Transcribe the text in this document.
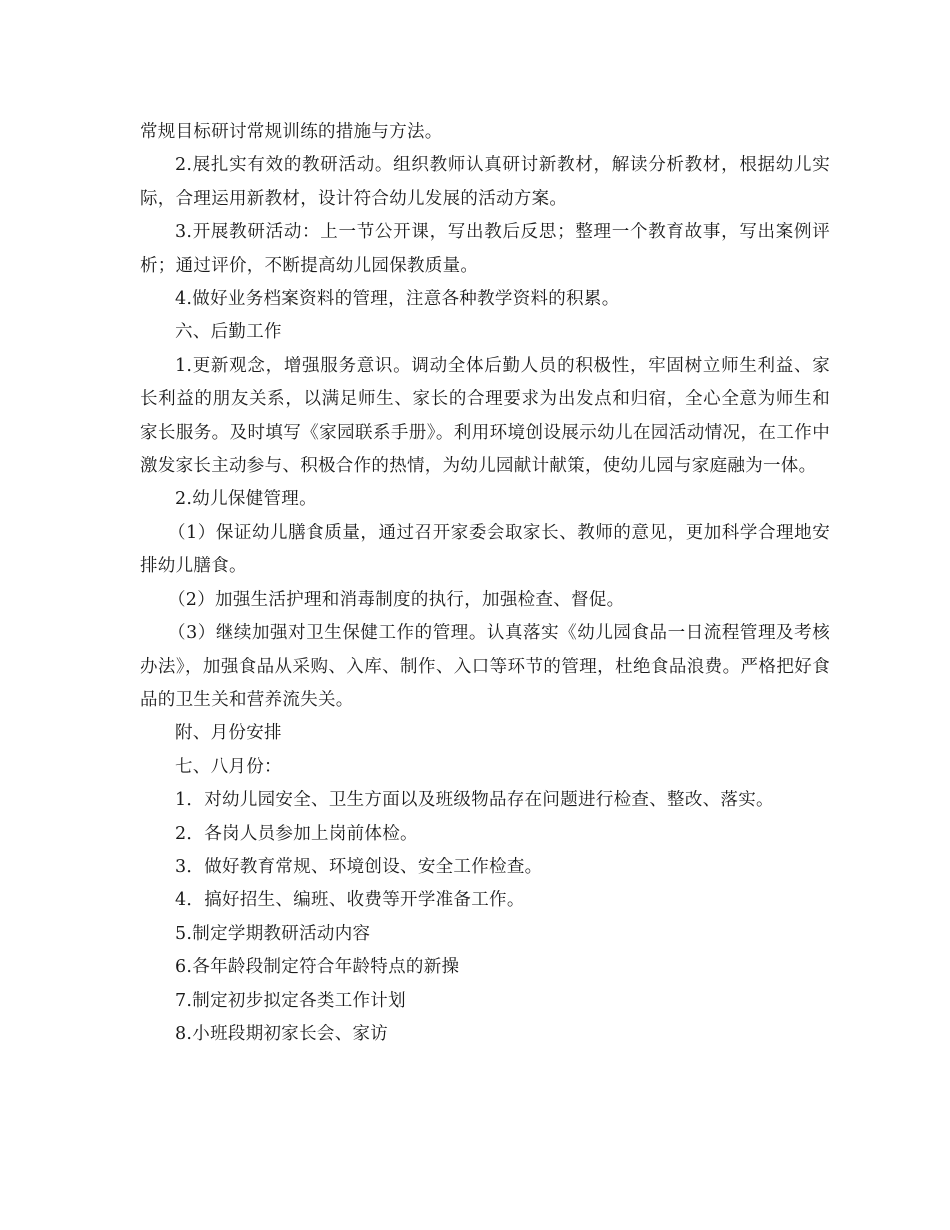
常规目标研讨常规训练的措施与方法。

2.展扎实有效的教研活动。组织教师认真研讨新教材，解读分析教材，根据幼儿实际，合理运用新教材，设计符合幼儿发展的活动方案。

3.开展教研活动：上一节公开课，写出教后反思；整理一个教育故事，写出案例评析；通过评价，不断提高幼儿园保教质量。

4.做好业务档案资料的管理，注意各种教学资料的积累。

六、后勤工作

1.更新观念，增强服务意识。调动全体后勤人员的积极性，牢固树立师生利益、家长利益的朋友关系，以满足师生、家长的合理要求为出发点和归宿，全心全意为师生和家长服务。及时填写《家园联系手册》。利用环境创设展示幼儿在园活动情况，在工作中激发家长主动参与、积极合作的热情，为幼儿园献计献策，使幼儿园与家庭融为一体。

2.幼儿保健管理。

（1）保证幼儿膳食质量，通过召开家委会取家长、教师的意见，更加科学合理地安排幼儿膳食。

（2）加强生活护理和消毒制度的执行，加强检查、督促。

（3）继续加强对卫生保健工作的管理。认真落实《幼儿园食品一日流程管理及考核办法》，加强食品从采购、入库、制作、入口等环节的管理，杜绝食品浪费。严格把好食品的卫生关和营养流失关。

附、月份安排

七、八月份：

1．对幼儿园安全、卫生方面以及班级物品存在问题进行检查、整改、落实。

2．各岗人员参加上岗前体检。

3．做好教育常规、环境创设、安全工作检查。

4．搞好招生、编班、收费等开学准备工作。

5.制定学期教研活动内容

6.各年龄段制定符合年龄特点的新操

7.制定初步拟定各类工作计划

8.小班段期初家长会、家访
